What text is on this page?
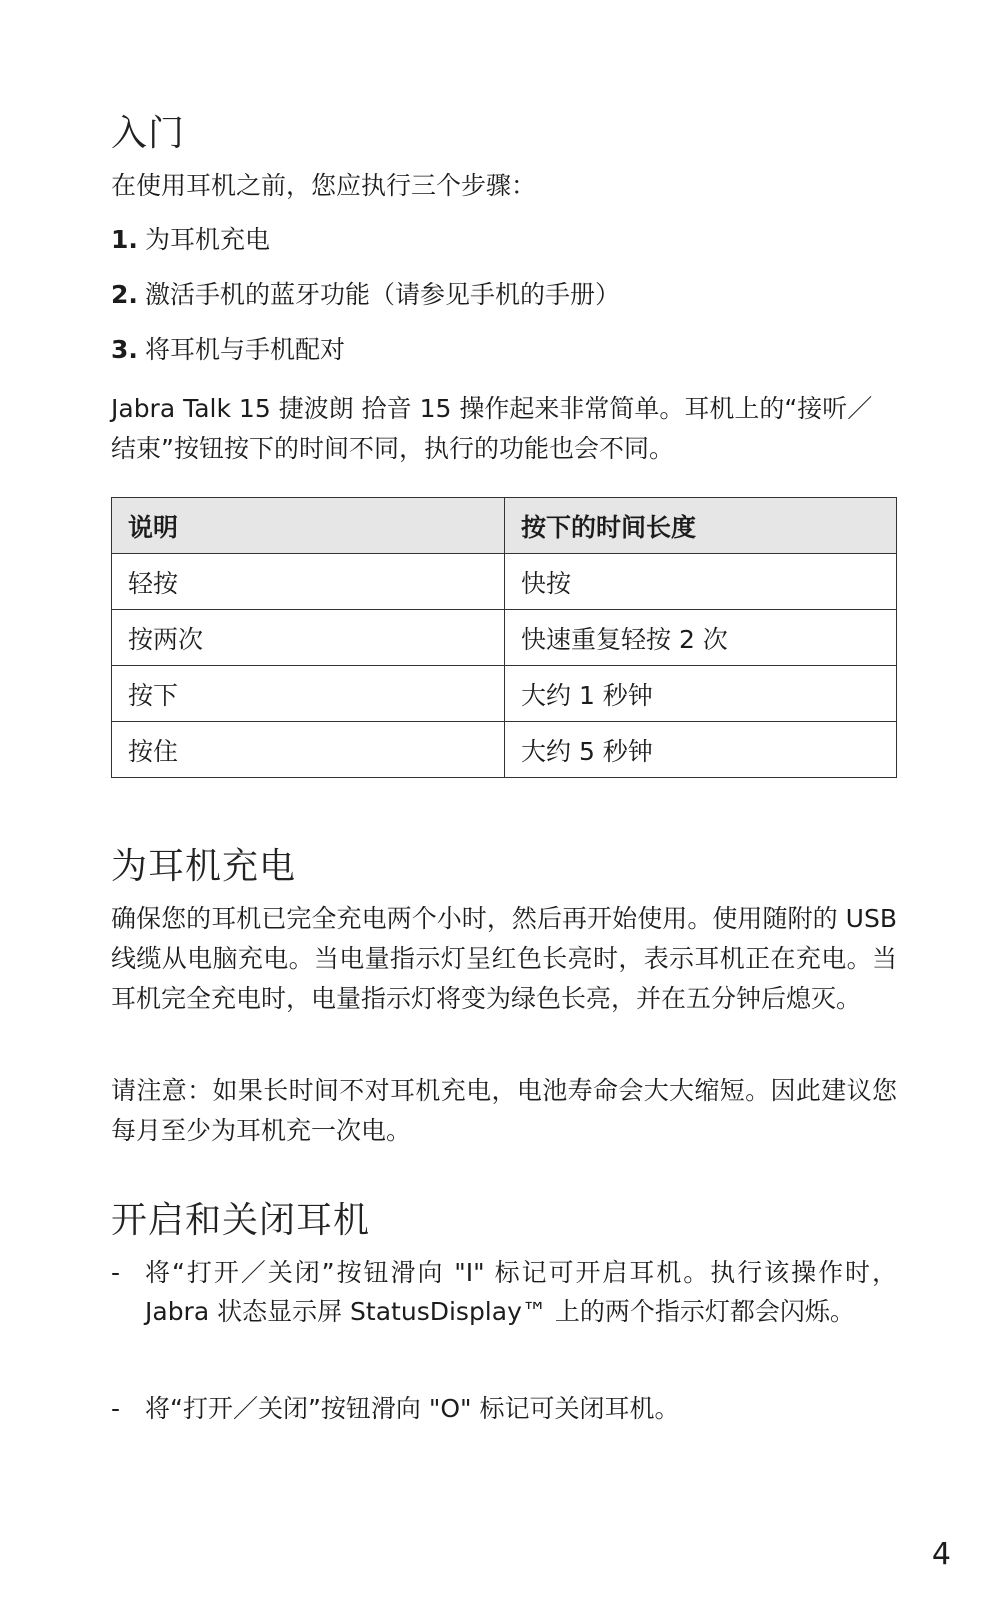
入门
在使用耳机之前，您应执行三个步骤：
1. 为耳机充电
2. 激活手机的蓝牙功能（请参见手机的手册）
3. 将耳机与手机配对
Jabra Talk 15 捷波朗 拾音 15 操作起来非常简单。耳机上的“接听／
结束”按钮按下的时间不同，执行的功能也会不同。
说明	按下的时间长度
轻按	快按
按两次	快速重复轻按 2 次
按下	大约 1 秒钟
按住	大约 5 秒钟
为耳机充电
确保您的耳机已完全充电两个小时，然后再开始使用。使用随附的 USB 线缆从电脑充电。当电量指示灯呈红色长亮时，表示耳机正在充电。当耳机完全充电时，电量指示灯将变为绿色长亮，并在五分钟后熄灭。
请注意：如果长时间不对耳机充电，电池寿命会大大缩短。因此建议您每月至少为耳机充一次电。
开启和关闭耳机
- 将“打开／关闭”按钮滑向 "I" 标记可开启耳机。执行该操作时，Jabra 状态显示屏 StatusDisplay™ 上的两个指示灯都会闪烁。
- 将“打开／关闭”按钮滑向 "O" 标记可关闭耳机。
4
